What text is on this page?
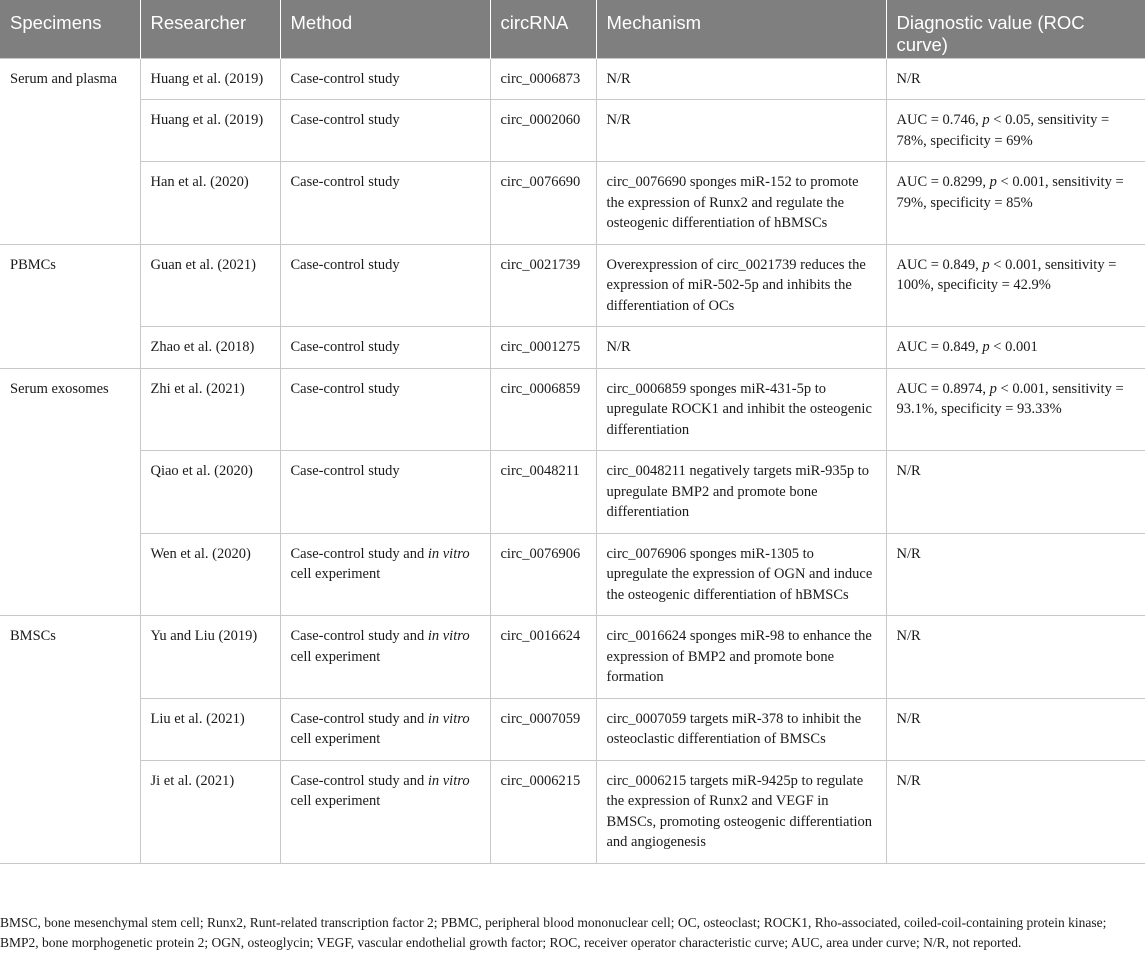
Specimens	Researcher	Method	circRNA	Mechanism	Diagnostic value (ROC curve)
Serum and plasma	Huang et al. (2019)	Case-control study	circ_0006873	N/R	N/R
	Huang et al. (2019)	Case-control study	circ_0002060	N/R	AUC = 0.746, p < 0.05, sensitivity = 78%, specificity = 69%
	Han et al. (2020)	Case-control study	circ_0076690	circ_0076690 sponges miR-152 to promote the expression of Runx2 and regulate the osteogenic differentiation of hBMSCs	AUC = 0.8299, p < 0.001, sensitivity = 79%, specificity = 85%
PBMCs	Guan et al. (2021)	Case-control study	circ_0021739	Overexpression of circ_0021739 reduces the expression of miR-502-5p and inhibits the differentiation of OCs	AUC = 0.849, p < 0.001, sensitivity = 100%, specificity = 42.9%
	Zhao et al. (2018)	Case-control study	circ_0001275	N/R	AUC = 0.849, p < 0.001
Serum exosomes	Zhi et al. (2021)	Case-control study	circ_0006859	circ_0006859 sponges miR-431-5p to upregulate ROCK1 and inhibit the osteogenic differentiation	AUC = 0.8974, p < 0.001, sensitivity = 93.1%, specificity = 93.33%
	Qiao et al. (2020)	Case-control study	circ_0048211	circ_0048211 negatively targets miR-935p to upregulate BMP2 and promote bone differentiation	N/R
	Wen et al. (2020)	Case-control study and in vitro cell experiment	circ_0076906	circ_0076906 sponges miR-1305 to upregulate the expression of OGN and induce the osteogenic differentiation of hBMSCs	N/R
BMSCs	Yu and Liu (2019)	Case-control study and in vitro cell experiment	circ_0016624	circ_0016624 sponges miR-98 to enhance the expression of BMP2 and promote bone formation	N/R
	Liu et al. (2021)	Case-control study and in vitro cell experiment	circ_0007059	circ_0007059 targets miR-378 to inhibit the osteoclastic differentiation of BMSCs	N/R
	Ji et al. (2021)	Case-control study and in vitro cell experiment	circ_0006215	circ_0006215 targets miR-9425p to regulate the expression of Runx2 and VEGF in BMSCs, promoting osteogenic differentiation and angiogenesis	N/R
BMSC, bone mesenchymal stem cell; Runx2, Runt-related transcription factor 2; PBMC, peripheral blood mononuclear cell; OC, osteoclast; ROCK1, Rho-associated, coiled-coil-containing protein kinase; BMP2, bone morphogenetic protein 2; OGN, osteoglycin; VEGF, vascular endothelial growth factor; ROC, receiver operator characteristic curve; AUC, area under curve; N/R, not reported.
